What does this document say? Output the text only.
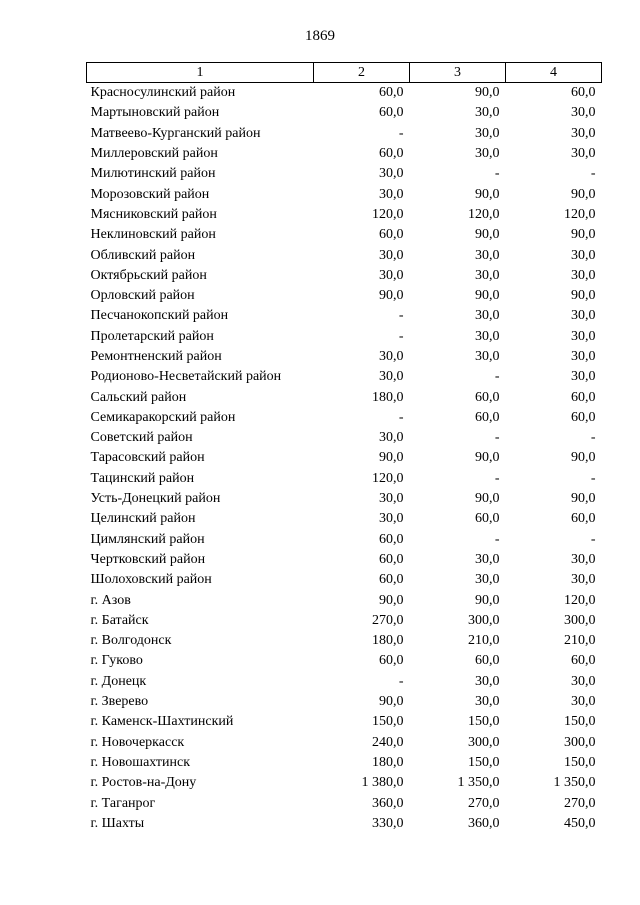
1869
1	2	3	4
Красносулинский район	60,0	90,0	60,0
Мартыновский район	60,0	30,0	30,0
Матвеево-Курганский район	-	30,0	30,0
Миллеровский район	60,0	30,0	30,0
Милютинский район	30,0	-	-
Морозовский район	30,0	90,0	90,0
Мясниковский район	120,0	120,0	120,0
Неклиновский район	60,0	90,0	90,0
Обливский район	30,0	30,0	30,0
Октябрьский район	30,0	30,0	30,0
Орловский район	90,0	90,0	90,0
Песчанокопский район	-	30,0	30,0
Пролетарский район	-	30,0	30,0
Ремонтненский район	30,0	30,0	30,0
Родионово-Несветайский район	30,0	-	30,0
Сальский район	180,0	60,0	60,0
Семикаракорский район	-	60,0	60,0
Советский район	30,0	-	-
Тарасовский район	90,0	90,0	90,0
Тацинский район	120,0	-	-
Усть-Донецкий район	30,0	90,0	90,0
Целинский район	30,0	60,0	60,0
Цимлянский район	60,0	-	-
Чертковский район	60,0	30,0	30,0
Шолоховский район	60,0	30,0	30,0
г. Азов	90,0	90,0	120,0
г. Батайск	270,0	300,0	300,0
г. Волгодонск	180,0	210,0	210,0
г. Гуково	60,0	60,0	60,0
г. Донецк	-	30,0	30,0
г. Зверево	90,0	30,0	30,0
г. Каменск-Шахтинский	150,0	150,0	150,0
г. Новочеркасск	240,0	300,0	300,0
г. Новошахтинск	180,0	150,0	150,0
г. Ростов-на-Дону	1 380,0	1 350,0	1 350,0
г. Таганрог	360,0	270,0	270,0
г. Шахты	330,0	360,0	450,0
